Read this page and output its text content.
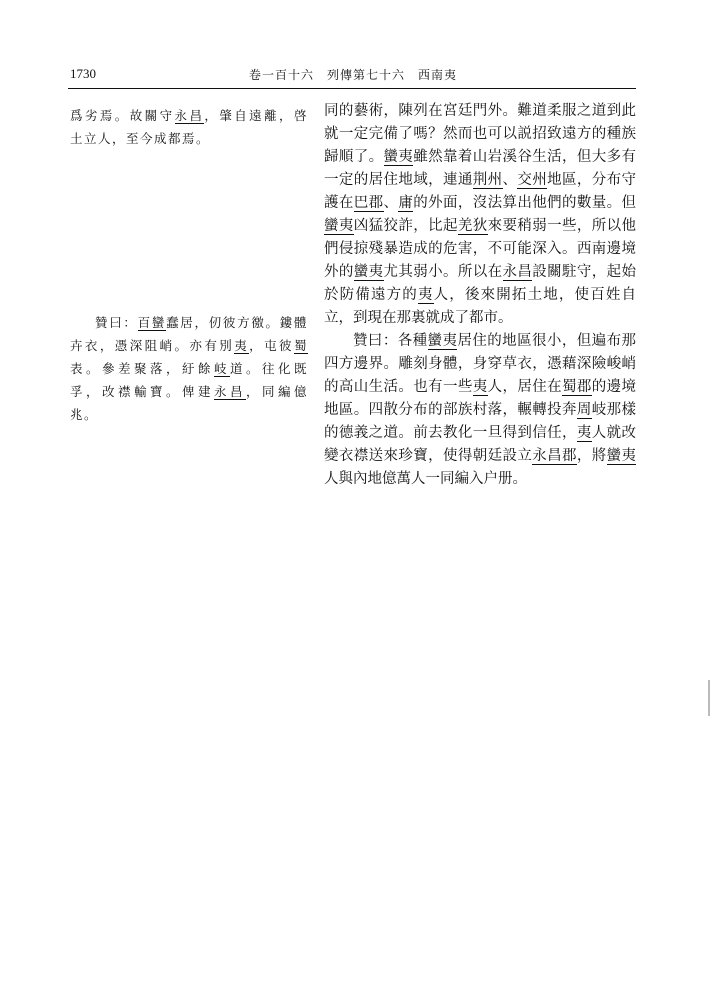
1730	卷一百十六　列傳第七十六　西南夷

爲劣焉。故關守永昌，肇自遠離，啓土立人，至今成都焉。

贊曰：百蠻蠢居，仞彼方徼。鏤體卉衣，憑深阻峭。亦有別夷，屯彼蜀表。參差聚落，紆餘岐道。往化既孚，改襟輸寶。俾建永昌，同編億兆。

同的藝術，陳列在宮廷門外。難道柔服之道到此就一定完備了嗎？然而也可以説招致遠方的種族歸順了。蠻夷雖然靠着山岩溪谷生活，但大多有一定的居住地域，連通荆州、交州地區，分布守護在巴郡、庸的外面，沒法算出他們的數量。但蠻夷凶猛狡詐，比起羌狄來要稍弱一些，所以他們侵掠殘暴造成的危害，不可能深入。西南邊境外的蠻夷尤其弱小。所以在永昌設關駐守，起始於防備遠方的夷人，後來開拓土地，使百姓自立，到現在那裏就成了都市。

贊曰：各種蠻夷居住的地區很小，但遍布那四方邊界。雕刻身體，身穿草衣，憑藉深險峻峭的高山生活。也有一些夷人，居住在蜀郡的邊境地區。四散分布的部族村落，輾轉投奔周岐那樣的德義之道。前去教化一旦得到信任，夷人就改變衣襟送來珍寶，使得朝廷設立永昌郡，將蠻夷人與內地億萬人一同編入户册。
